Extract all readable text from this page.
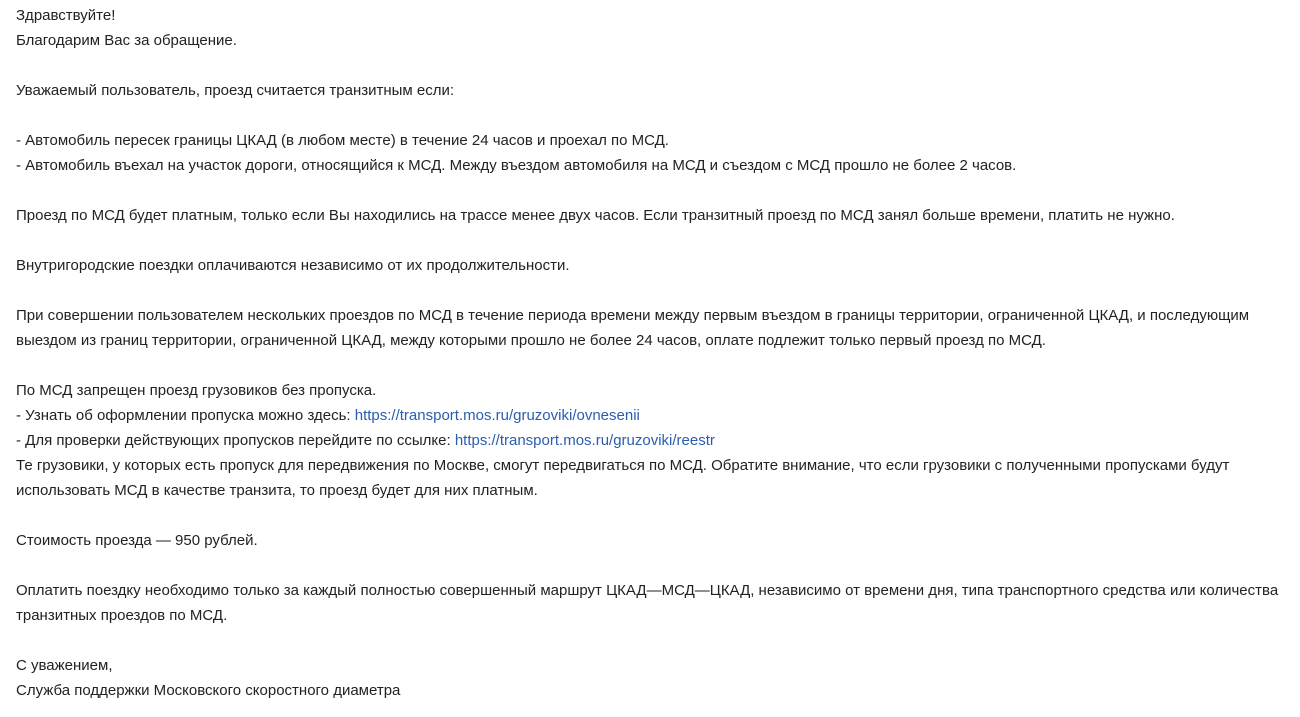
Здравствуйте!
Благодарим Вас за обращение.
Уважаемый пользователь, проезд считается транзитным если:
- Автомобиль пересек границы ЦКАД (в любом месте) в течение 24 часов и проехал по МСД.
- Автомобиль въехал на участок дороги, относящийся к МСД. Между въездом автомобиля на МСД и съездом с МСД прошло не более 2 часов.
Проезд по МСД будет платным, только если Вы находились на трассе менее двух часов. Если транзитный проезд по МСД занял больше времени, платить не нужно.
Внутригородские поездки оплачиваются независимо от их продолжительности.
При совершении пользователем нескольких проездов по МСД в течение периода времени между первым въездом в границы территории, ограниченной ЦКАД, и последующим
выездом из границ территории, ограниченной ЦКАД, между которыми прошло не более 24 часов, оплате подлежит только первый проезд по МСД.
По МСД запрещен проезд грузовиков без пропуска.
- Узнать об оформлении пропуска можно здесь: https://transport.mos.ru/gruzoviki/ovnesenii
- Для проверки действующих пропусков перейдите по ссылке: https://transport.mos.ru/gruzoviki/reestr
Те грузовики, у которых есть пропуск для передвижения по Москве, смогут передвигаться по МСД. Обратите внимание, что если грузовики с полученными пропусками будут
использовать МСД в качестве транзита, то проезд будет для них платным.
Стоимость проезда — 950 рублей.
Оплатить поездку необходимо только за каждый полностью совершенный маршрут ЦКАД—МСД—ЦКАД, независимо от времени дня, типа транспортного средства или количества
транзитных проездов по МСД.
С уважением,
Служба поддержки Московского скоростного диаметра
